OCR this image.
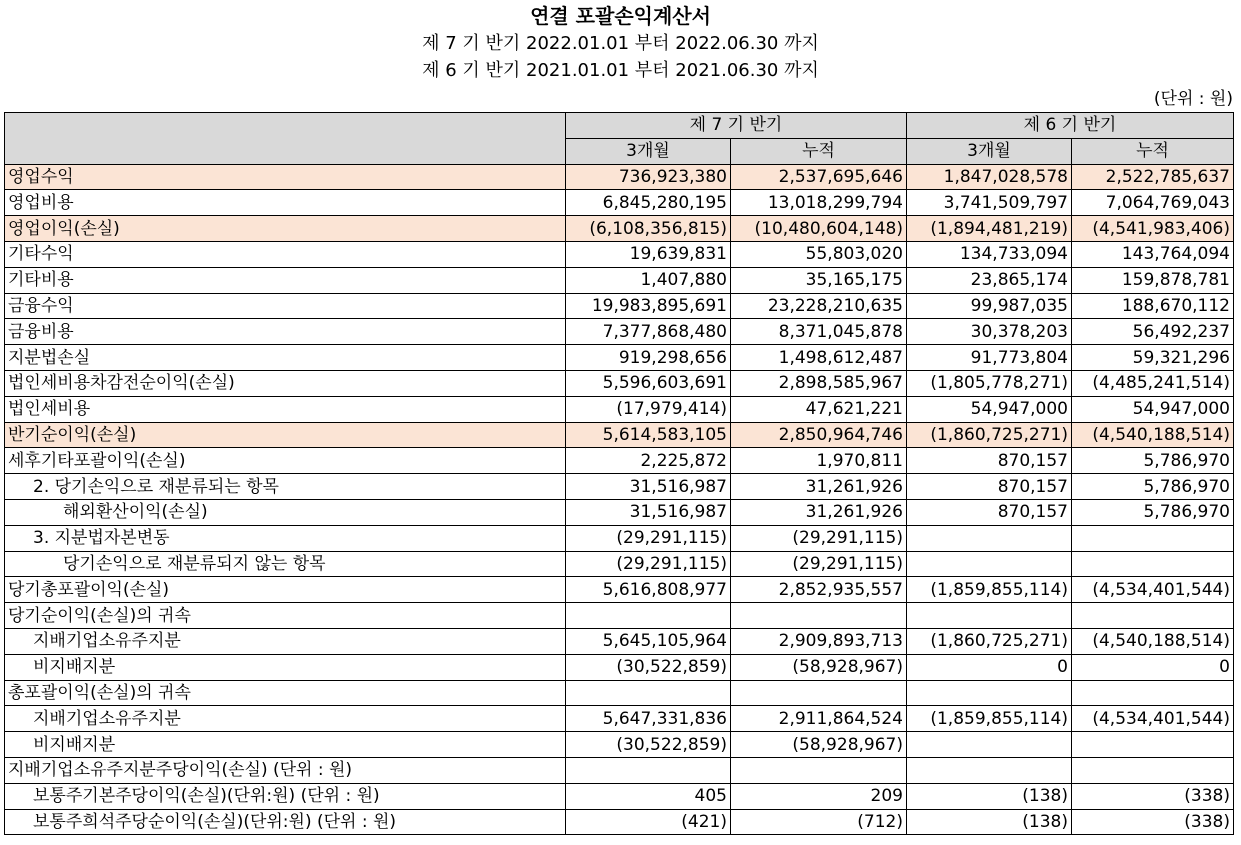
연결 포괄손익계산서
제 7 기 반기 2022.01.01 부터 2022.06.30 까지
제 6 기 반기 2021.01.01 부터 2021.06.30 까지
(단위 : 원)
	제 7 기 반기		제 6 기 반기	
	3개월	누적	3개월	누적
영업수익	736,923,380	2,537,695,646	1,847,028,578	2,522,785,637
영업비용	6,845,280,195	13,018,299,794	3,741,509,797	7,064,769,043
영업이익(손실)	(6,108,356,815)	(10,480,604,148)	(1,894,481,219)	(4,541,983,406)
기타수익	19,639,831	55,803,020	134,733,094	143,764,094
기타비용	1,407,880	35,165,175	23,865,174	159,878,781
금융수익	19,983,895,691	23,228,210,635	99,987,035	188,670,112
금융비용	7,377,868,480	8,371,045,878	30,378,203	56,492,237
지분법손실	919,298,656	1,498,612,487	91,773,804	59,321,296
법인세비용차감전순이익(손실)	5,596,603,691	2,898,585,967	(1,805,778,271)	(4,485,241,514)
법인세비용	(17,979,414)	47,621,221	54,947,000	54,947,000
반기순이익(손실)	5,614,583,105	2,850,964,746	(1,860,725,271)	(4,540,188,514)
세후기타포괄이익(손실)	2,225,872	1,970,811	870,157	5,786,970
2. 당기손익으로 재분류되는 항목	31,516,987	31,261,926	870,157	5,786,970
해외환산이익(손실)	31,516,987	31,261,926	870,157	5,786,970
3. 지분법자본변동	(29,291,115)	(29,291,115)		
당기손익으로 재분류되지 않는 항목	(29,291,115)	(29,291,115)		
당기총포괄이익(손실)	5,616,808,977	2,852,935,557	(1,859,855,114)	(4,534,401,544)
당기순이익(손실)의 귀속				
지배기업소유주지분	5,645,105,964	2,909,893,713	(1,860,725,271)	(4,540,188,514)
비지배지분	(30,522,859)	(58,928,967)	0	0
총포괄이익(손실)의 귀속				
지배기업소유주지분	5,647,331,836	2,911,864,524	(1,859,855,114)	(4,534,401,544)
비지배지분	(30,522,859)	(58,928,967)		
지배기업소유주지분주당이익(손실) (단위 : 원)				
보통주기본주당이익(손실)(단위:원) (단위 : 원)	405	209	(138)	(338)
보통주희석주당순이익(손실)(단위:원) (단위 : 원)	(421)	(712)	(138)	(338)
